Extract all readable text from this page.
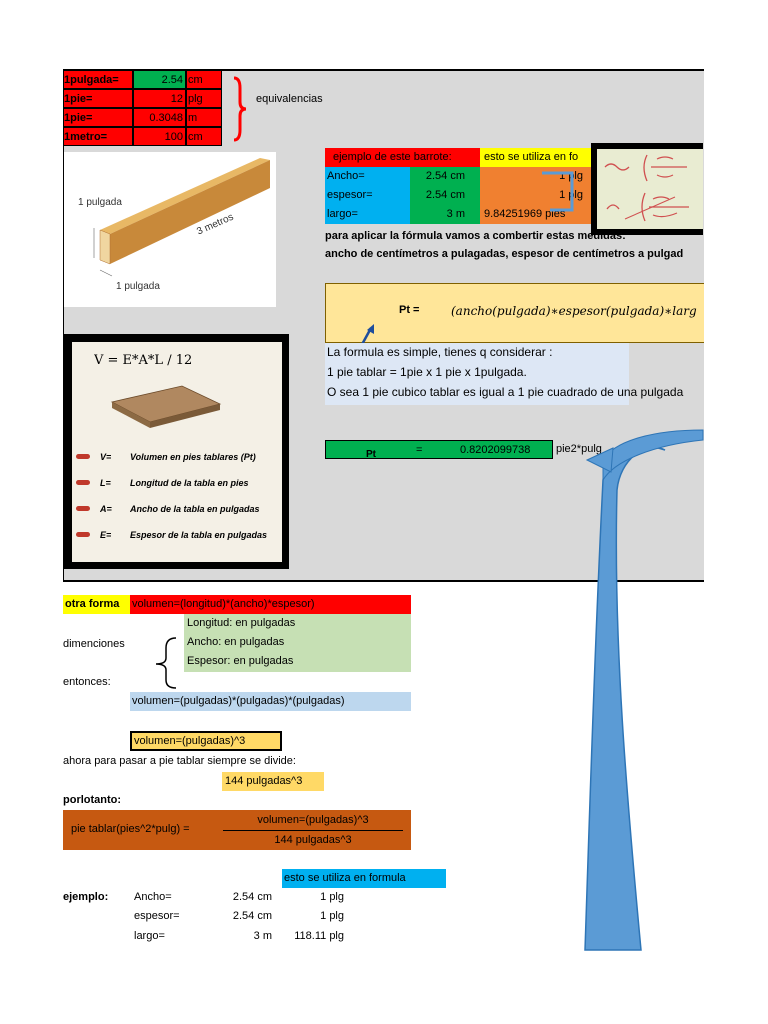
1pulgada=	2.54 cm
1pie=	12 plg
1pie=	0.3048 m
1metro=	100 cm
equivalencias
1 pulgada
3 metros
1 pulgada
ejemplo de este barrote:	esto se utiliza en fo
Ancho=	2.54 cm	1 plg
espesor=	2.54 cm	1 plg
largo=	3 m	9.84251969 pies
para aplicar la fórmula vamos a combertir estas medidas:
ancho de centímetros a pulagadas, espesor de centímetros a pulgad
Pt =	(ancho(pulgada)∗espesor(pulgada)∗larg
La formula es simple, tienes q considerar :
1 pie tablar = 1pie x 1 pie x 1pulgada.
O sea 1 pie cubico tablar es igual a 1 pie cuadrado de una pulgada
Pt	=	0.8202099738 pie2*pulg
V = E*A*L / 12
V= Volumen en pies tablares (Pt)
L= Longitud de la tabla en pies
A= Ancho de la tabla en pulgadas
E= Espesor de la tabla en pulgadas
otra forma	volumen=(longitud)*(ancho)*espesor)
Longitud: en pulgadas
Ancho: en pulgadas
Espesor: en pulgadas
dimenciones
entonces:
volumen=(pulgadas)*(pulgadas)*(pulgadas)
volumen=(pulgadas)^3
ahora para pasar a pie tablar siempre se divide:
144 pulgadas^3
porlotanto:
pie tablar(pies^2*pulg) =
volumen=(pulgadas)^3
144 pulgadas^3
esto se utiliza en formula
ejemplo: Ancho=	2.54 cm	1 plg
espesor=	2.54 cm	1 plg
largo=	3 m	118.11 plg
